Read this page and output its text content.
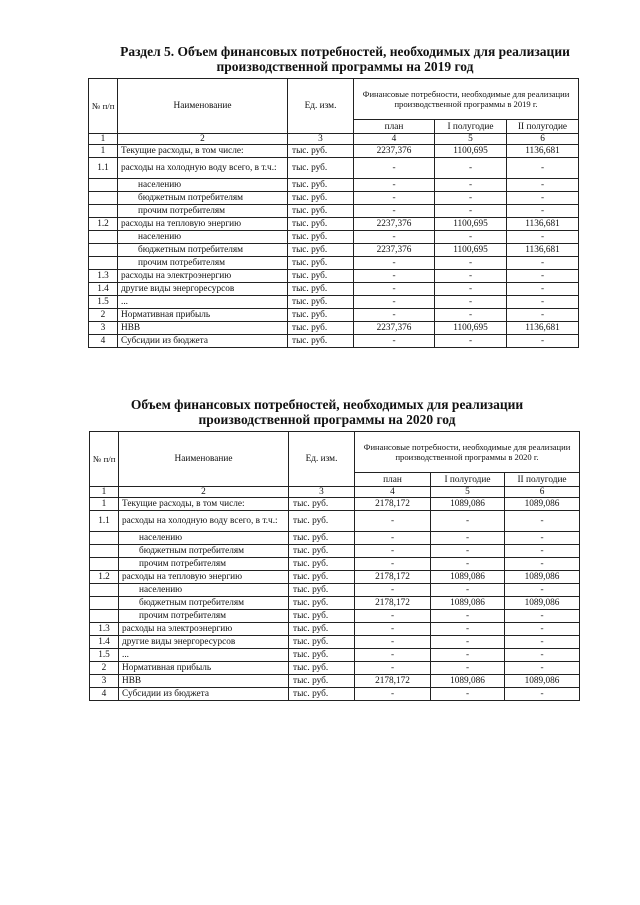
Раздел 5. Объем финансовых потребностей, необходимых для реализации
производственной программы на 2019 год
№ п/п	Наименование	Ед. изм.	Финансовые потребности, необходимые для реализации производственной программы в 2019 г.		
			план	I полугодие	II полугодие
1	2	3	4	5	6
1	Текущие расходы, в том числе:	тыс. руб.	2237,376	1100,695	1136,681
1.1	расходы на холодную воду всего, в т.ч.:	тыс. руб.	-	-	-
	населению	тыс. руб.	-	-	-
	бюджетным потребителям	тыс. руб.	-	-	-
	прочим потребителям	тыс. руб.	-	-	-
1.2	расходы на тепловую энергию	тыс. руб.	2237,376	1100,695	1136,681
	населению	тыс. руб.	-	-	-
	бюджетным потребителям	тыс. руб.	2237,376	1100,695	1136,681
	прочим потребителям	тыс. руб.	-	-	-
1.3	расходы на электроэнергию	тыс. руб.	-	-	-
1.4	другие виды энергоресурсов	тыс. руб.	-	-	-
1.5	...	тыс. руб.	-	-	-
2	Нормативная прибыль	тыс. руб.	-	-	-
3	НВВ	тыс. руб.	2237,376	1100,695	1136,681
4	Субсидии из бюджета	тыс. руб.	-	-	-
Объем финансовых потребностей, необходимых для реализации
производственной программы на 2020 год
№ п/п	Наименование	Ед. изм.	Финансовые потребности, необходимые для реализации производственной программы в 2020 г.		
			план	I полугодие	II полугодие
1	2	3	4	5	6
1	Текущие расходы, в том числе:	тыс. руб.	2178,172	1089,086	1089,086
1.1	расходы на холодную воду всего, в т.ч.:	тыс. руб.	-	-	-
	населению	тыс. руб.	-	-	-
	бюджетным потребителям	тыс. руб.	-	-	-
	прочим потребителям	тыс. руб.	-	-	-
1.2	расходы на тепловую энергию	тыс. руб.	2178,172	1089,086	1089,086
	населению	тыс. руб.	-	-	-
	бюджетным потребителям	тыс. руб.	2178,172	1089,086	1089,086
	прочим потребителям	тыс. руб.	-	-	-
1.3	расходы на электроэнергию	тыс. руб.	-	-	-
1.4	другие виды энергоресурсов	тыс. руб.	-	-	-
1.5	...	тыс. руб.	-	-	-
2	Нормативная прибыль	тыс. руб.	-	-	-
3	НВВ	тыс. руб.	2178,172	1089,086	1089,086
4	Субсидии из бюджета	тыс. руб.	-	-	-
